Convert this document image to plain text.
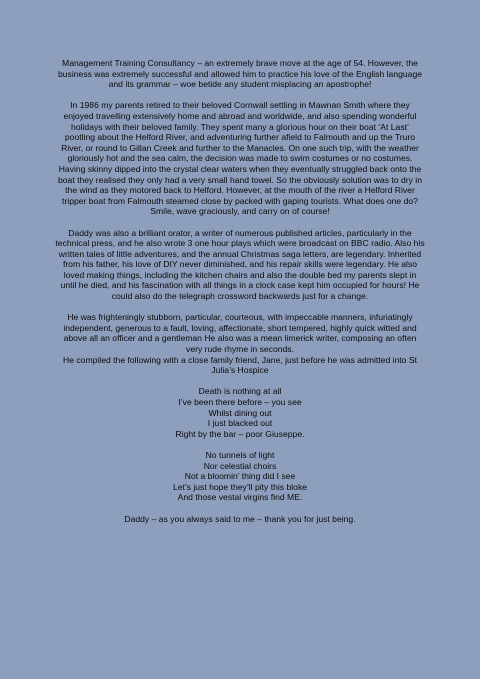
Management Training Consultancy – an extremely brave move at the age of 54. However, the business was extremely successful and allowed him to practice his love of the English language and its grammar – woe betide any student misplacing an apostrophe!

In 1986 my parents retired to their beloved Cornwall settling in Mawnan Smith where they enjoyed travelling extensively home and abroad and worldwide, and also spending wonderful holidays with their beloved family. They spent many a glorious hour on their boat ‘At Last’ pootling about the Helford River, and adventuring further afield to Falmouth and up the Truro River, or round to Gillan Creek and further to the Manacles. On one such trip, with the weather gloriously hot and the sea calm, the decision was made to swim costumes or no costumes. Having skinny dipped into the crystal clear waters when they eventually struggled back onto the boat they realised they only had a very small hand towel. So the obviously solution was to dry in the wind as they motored back to Helford. However, at the mouth of the river a Helford River tripper boat from Falmouth steamed close by packed with gaping tourists. What does one do? Smile, wave graciously, and carry on of course!

Daddy was also a brilliant orator, a writer of numerous published articles, particularly in the technical press, and he also wrote 3 one hour plays which were broadcast on BBC radio. Also his written tales of little adventures, and the annual Christmas saga letters, are legendary. Inherited from his father, his love of DIY never diminished, and his repair skills were legendary. He also loved making things, including the kitchen chairs and also the double bed my parents slept in until he died, and his fascination with all things in a clock case kept him occupied for hours! He could also do the telegraph crossword backwards just for a change.

He was frighteningly stubborn, particular, courteous, with impeccable manners, infuriatingly independent, generous to a fault, loving, affectionate, short tempered, highly quick witted and above all an officer and a gentleman He also was a mean limerick writer, composing an often very rude rhyme in seconds.

He compiled the following with a close family friend, Jane, just before he was admitted into St Julia’s Hospice

Death is nothing at all
I’ve been there before – you see
Whilst dining out
I just blacked out
Right by the bar – poor Giuseppe.

No tunnels of light
Nor celestial choirs
Not a bloomin’ thing did I see
Let’s just hope they’ll pity this bloke
And those vestal virgins find ME.

Daddy – as you always said to me – thank you for just being.
